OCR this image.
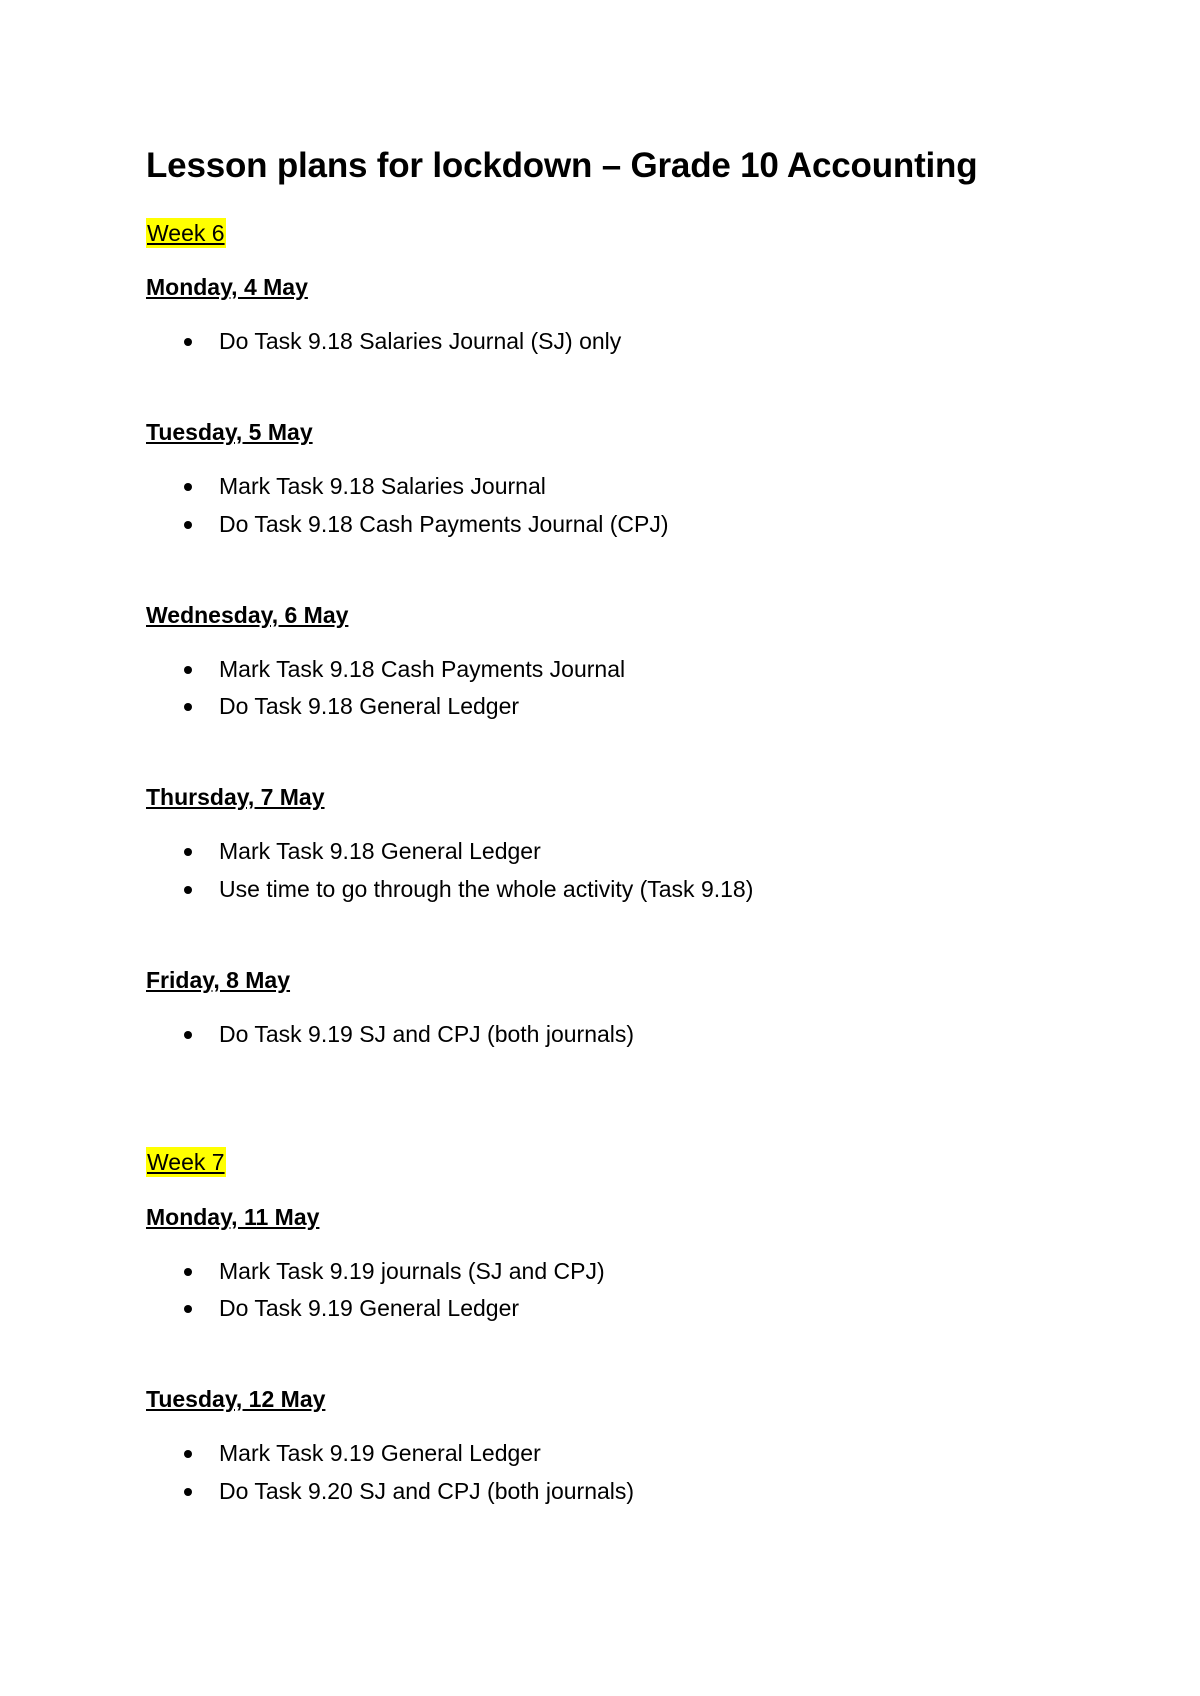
Lesson plans for lockdown – Grade 10 Accounting
Week 6
Monday, 4 May
Do Task 9.18 Salaries Journal (SJ) only
Tuesday, 5 May
Mark Task 9.18 Salaries Journal
Do Task 9.18 Cash Payments Journal (CPJ)
Wednesday, 6 May
Mark Task 9.18 Cash Payments Journal
Do Task 9.18 General Ledger
Thursday, 7 May
Mark Task 9.18 General Ledger
Use time to go through the whole activity (Task 9.18)
Friday, 8 May
Do Task 9.19 SJ and CPJ (both journals)
Week 7
Monday, 11 May
Mark Task 9.19 journals (SJ and CPJ)
Do Task 9.19 General Ledger
Tuesday, 12 May
Mark Task 9.19 General Ledger
Do Task 9.20 SJ and CPJ (both journals)
